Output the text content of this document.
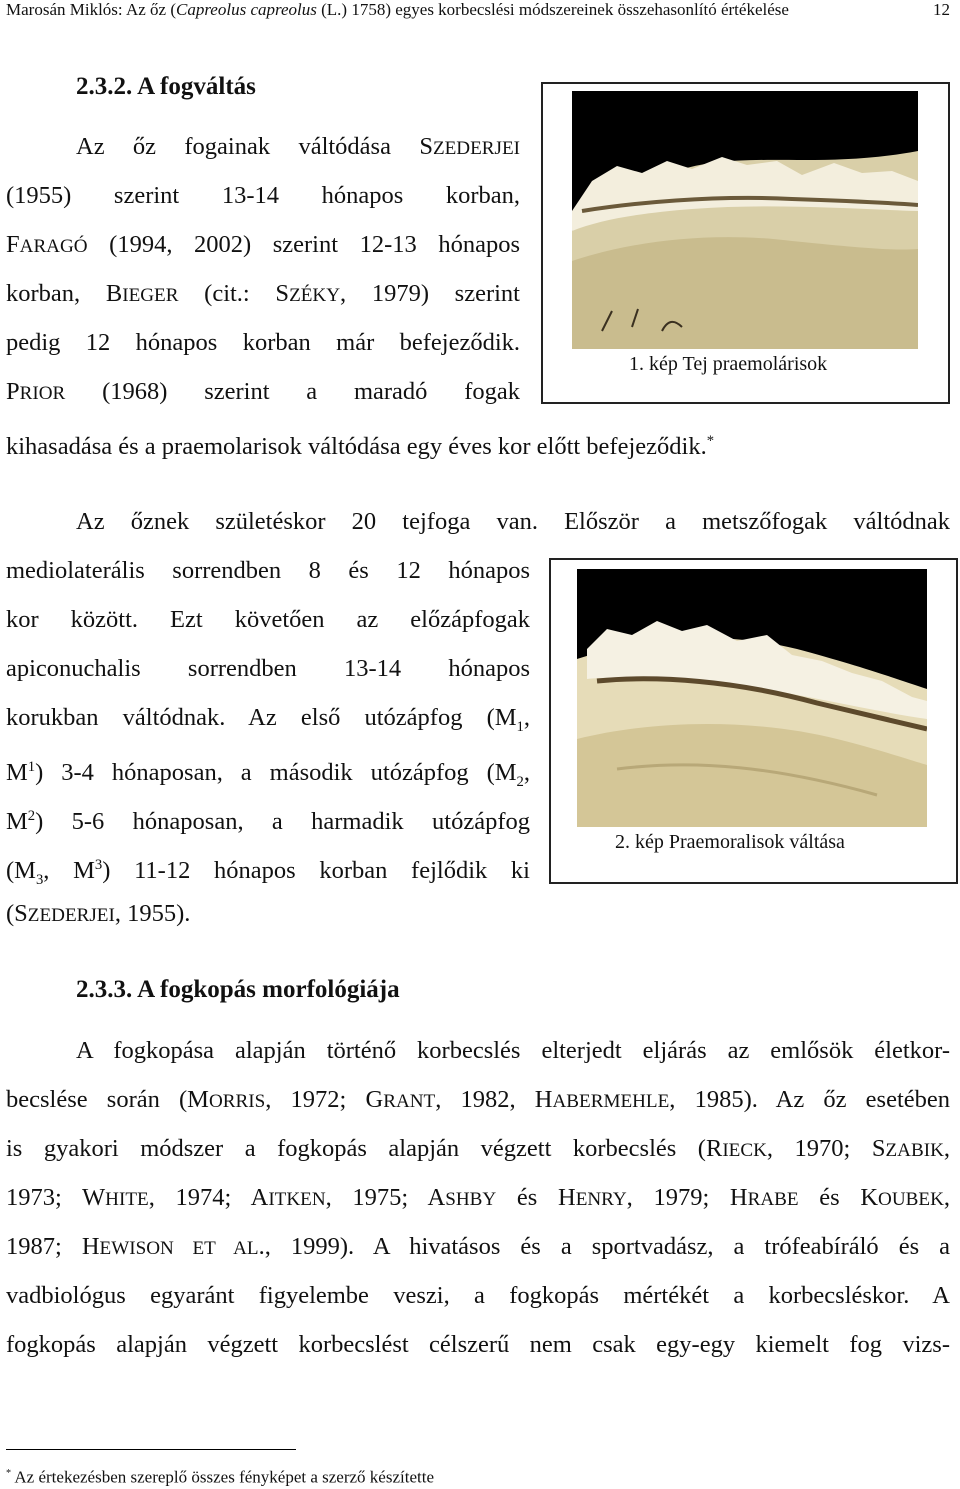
Marosán Miklós: Az őz (Capreolus capreolus (L.) 1758) egyes korbecslési módszereinek összehasonlító értékelése	12
2.3.2. A fogváltás
Az őz fogainak váltódása SZEDERJEI
(1955) szerint 13-14 hónapos korban,
FARAGÓ (1994, 2002) szerint 12-13 hónapos
korban, BIEGER (cit.: SZÉKY, 1979) szerint
pedig 12 hónapos korban már befejeződik.
PRIOR (1968) szerint a maradó fogak
kihasadása és a praemolarisok váltódása egy éves kor előtt befejeződik.*
1. kép Tej praemolárisok
Az őznek születéskor 20 tejfoga van. Először a metszőfogak váltódnak
mediolaterális sorrendben 8 és 12 hónapos
kor között. Ezt követően az előzápfogak
apiconuchalis sorrendben 13-14 hónapos
korukban váltódnak. Az első utózápfog ($M_1$,
$M^1$) 3-4 hónaposan, a második utózápfog ($M_2$,
$M^2$) 5-6 hónaposan, a harmadik utózápfog
($M_3$, $M^3$) 11-12 hónapos korban fejlődik ki
(SZEDERJEI, 1955).
2. kép Praemoralisok váltása
2.3.3. A fogkopás morfológiája
A fogkopása alapján történő korbecslés elterjedt eljárás az emlősök életkor-
becslése során (MORRIS, 1972; GRANT, 1982, HABERMEHLE, 1985). Az őz esetében
is gyakori módszer a fogkopás alapján végzett korbecslés (RIECK, 1970; SZABIK,
1973; WHITE, 1974; AITKEN, 1975; ASHBY és HENRY, 1979; HRABE és KOUBEK,
1987; HEWISON ET AL., 1999). A hivatásos és a sportvadász, a trófeabíráló és a
vadbiológus egyaránt figyelembe veszi, a fogkopás mértékét a korbecsléskor. A
fogkopás alapján végzett korbecslést célszerű nem csak egy-egy kiemelt fog vizs-
* Az értekezésben szereplő összes fényképet a szerző készítette
